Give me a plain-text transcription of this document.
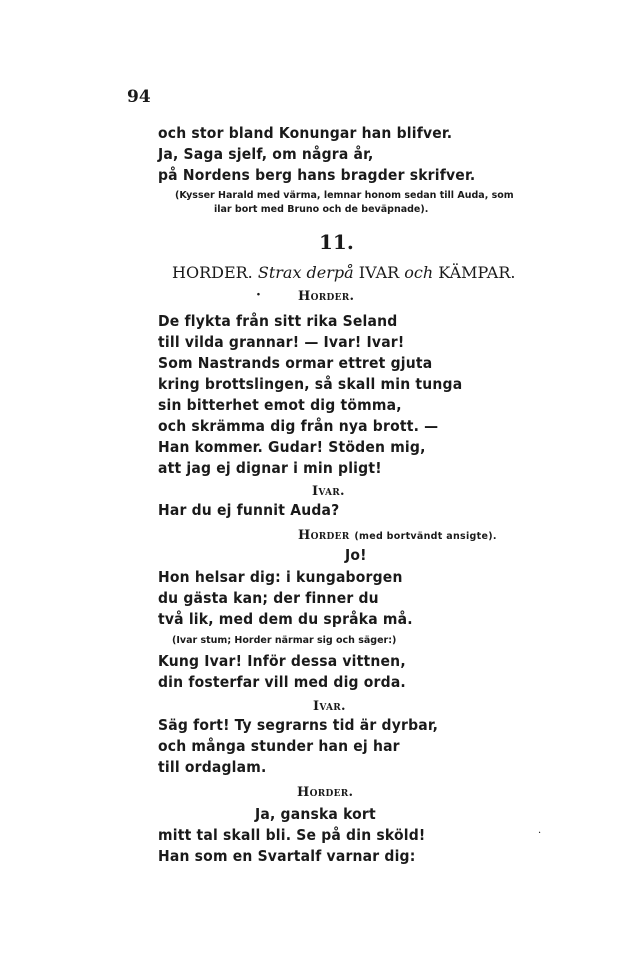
94
och stor bland Konungar han blifver.
Ja, Saga sjelf, om några år,
på Nordens berg hans bragder skrifver.
(Kysser Harald med värma, lemnar honom sedan till Auda, som
ilar bort med Bruno och de beväpnade).
11.
HORDER. Strax derpå IVAR och KÄMPAR.
·	Horder.
De flykta från sitt rika Seland
till vilda grannar! — Ivar! Ivar!
Som Nastrands ormar ettret gjuta
kring brottslingen, så skall min tunga
sin bitterhet emot dig tömma,
och skrämma dig från nya brott. —
Han kommer. Gudar! Stöden mig,
att jag ej dignar i min pligt!
Ivar.
Har du ej funnit Auda?
Horder (med bortvändt ansigte).
Jo!
Hon helsar dig: i kungaborgen
du gästa kan; der finner du
två lik, med dem du språka må.
(Ivar stum; Horder närmar sig och säger:)
Kung Ivar! Inför dessa vittnen,
din fosterfar vill med dig orda.
Ivar.
Säg fort! Ty segrarns tid är dyrbar,
och många stunder han ej har
till ordaglam.
Horder.
Ja, ganska kort
mitt tal skall bli. Se på din sköld!
Han som en Svartalf varnar dig:
·
